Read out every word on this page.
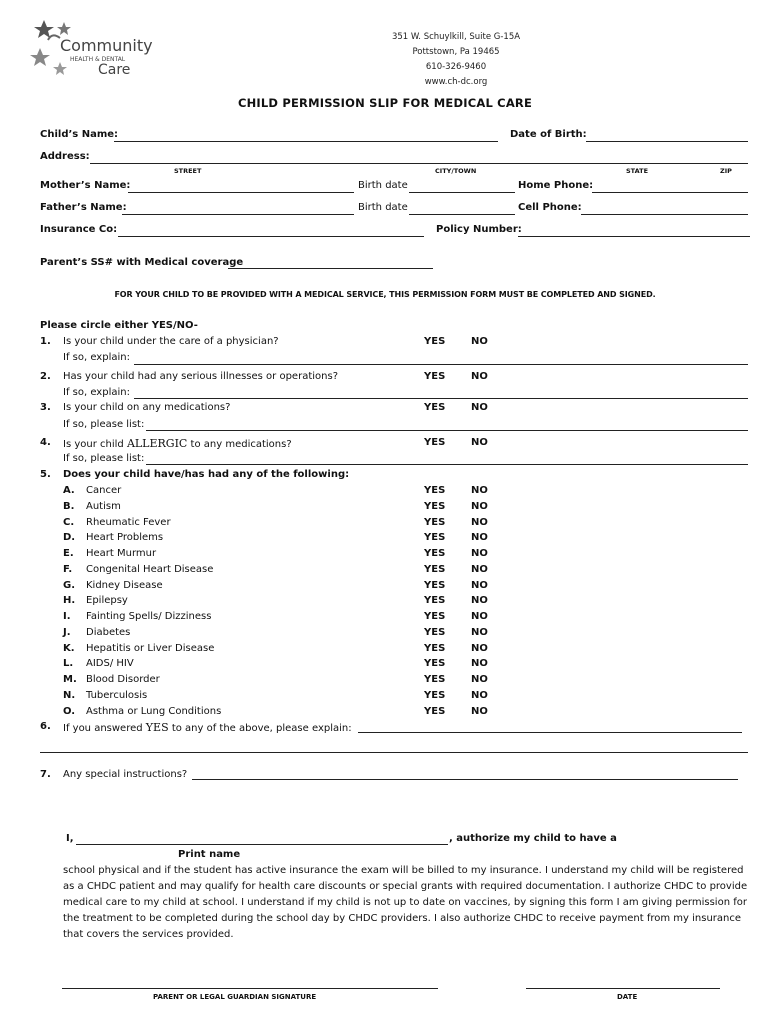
Community
HEALTH & DENTAL
Care
351 W. Schuylkill, Suite G-15A
Pottstown, Pa 19465
610-326-9460
www.ch-dc.org
CHILD PERMISSION SLIP FOR MEDICAL CARE
Child’s Name:	Date of Birth:
Address:
STREET	CITY/TOWN	STATE	ZIP
Mother’s Name:	Birth date	Home Phone:
Father’s Name:	Birth date	Cell Phone:
Insurance Co:	Policy Number:
Parent’s SS# with Medical coverage
FOR YOUR CHILD TO BE PROVIDED WITH A MEDICAL SERVICE, THIS PERMISSION FORM MUST BE COMPLETED AND SIGNED.
Please circle either YES/NO-
1. Is your child under the care of a physician?	YES	NO
If so, explain:
2. Has your child had any serious illnesses or operations?	YES	NO
If so, explain:
3. Is your child on any medications?	YES	NO
If so, please list:
4. Is your child ALLERGIC to any medications?	YES	NO
If so, please list:
5. Does your child have/has had any of the following:
A. Cancer	YES	NO
B. Autism	YES	NO
C. Rheumatic Fever	YES	NO
D. Heart Problems	YES	NO
E. Heart Murmur	YES	NO
F. Congenital Heart Disease	YES	NO
G. Kidney Disease	YES	NO
H. Epilepsy	YES	NO
I. Fainting Spells/ Dizziness	YES	NO
J. Diabetes	YES	NO
K. Hepatitis or Liver Disease	YES	NO
L. AIDS/ HIV	YES	NO
M. Blood Disorder	YES	NO
N. Tuberculosis	YES	NO
O. Asthma or Lung Conditions	YES	NO
6. If you answered YES to any of the above, please explain:
7. Any special instructions?
I,	, authorize my child to have a
Print name
school physical and if the student has active insurance the exam will be billed to my insurance. I understand my child will be registered as a CHDC patient and may qualify for health care discounts or special grants with required documentation. I authorize CHDC to provide medical care to my child at school. I understand if my child is not up to date on vaccines, by signing this form I am giving permission for the treatment to be completed during the school day by CHDC providers. I also authorize CHDC to receive payment from my insurance that covers the services provided.
PARENT OR LEGAL GUARDIAN SIGNATURE	DATE
